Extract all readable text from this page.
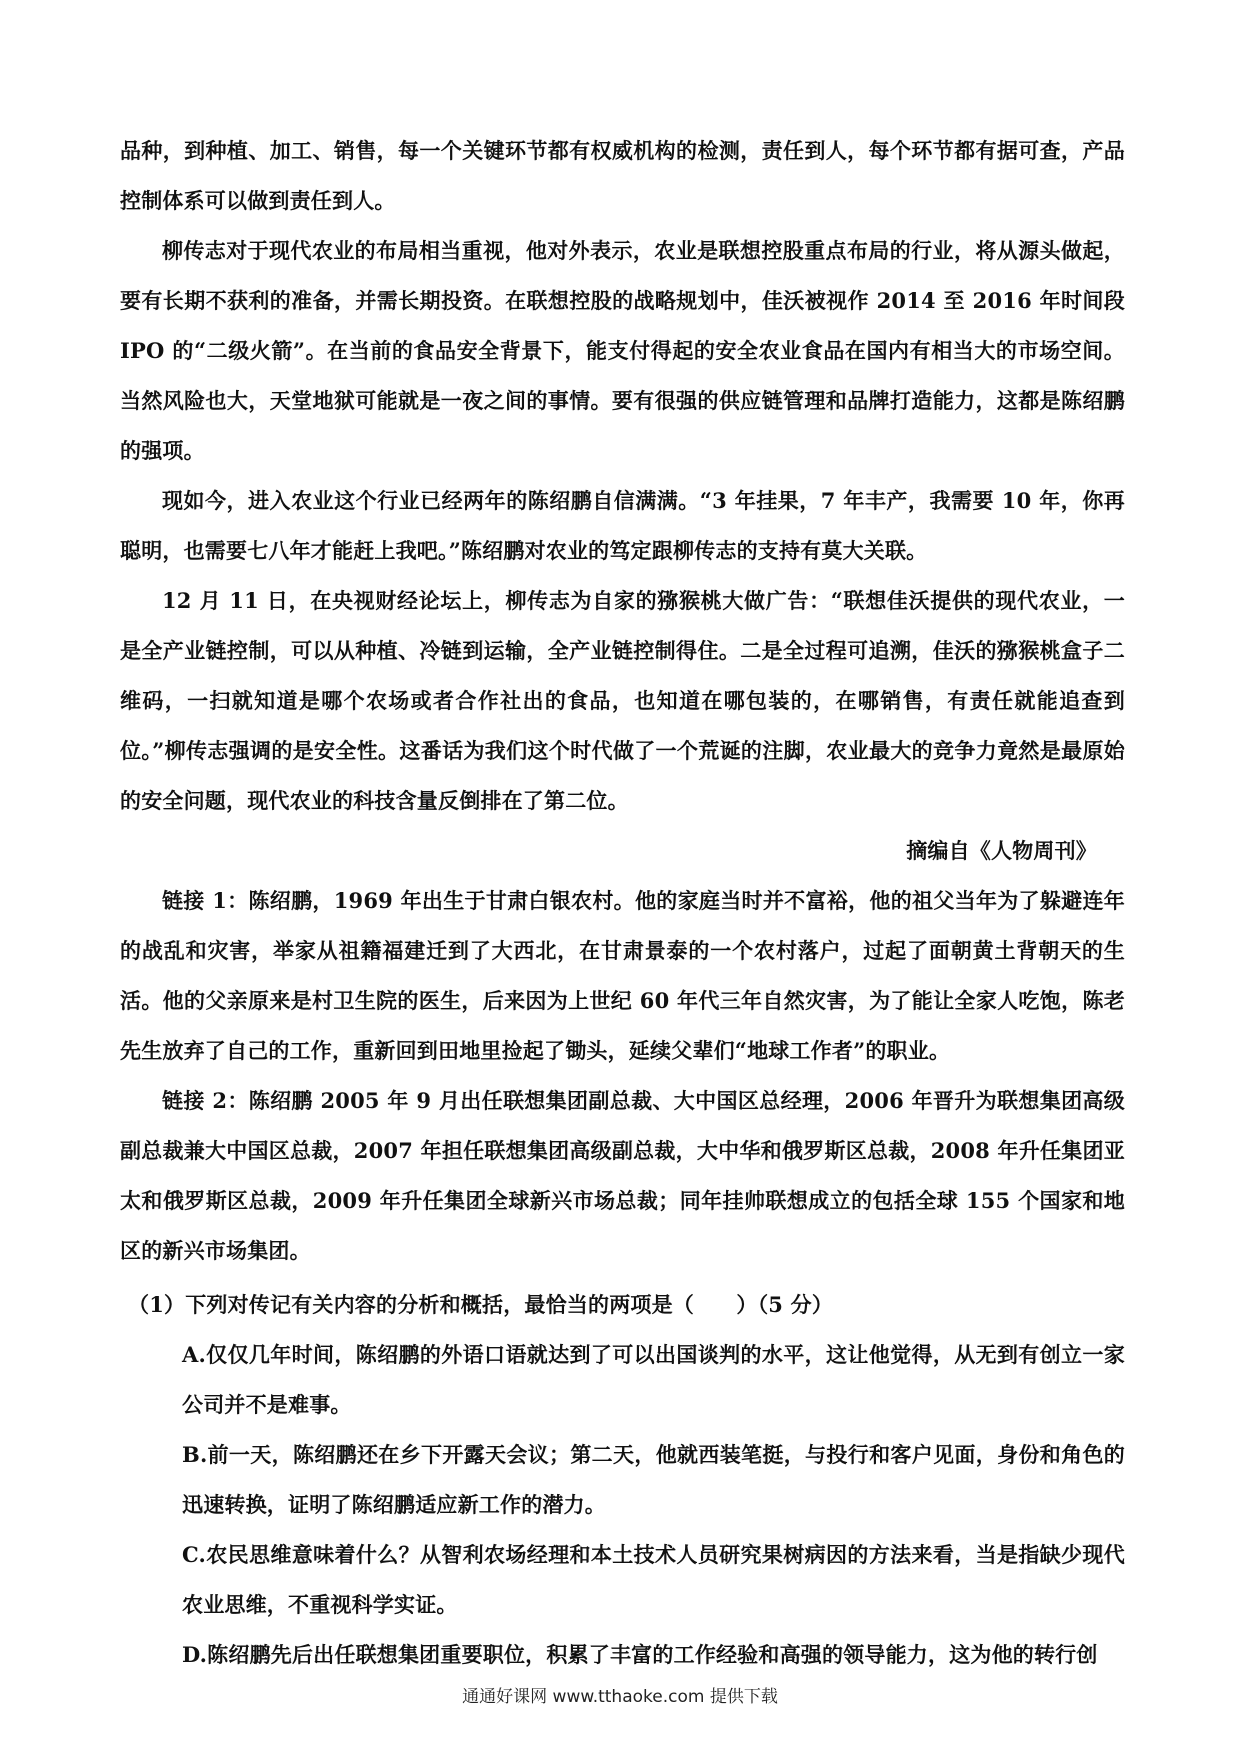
品种，到种植、加工、销售，每一个关键环节都有权威机构的检测，责任到人，每个环节都有据可查，产品控制体系可以做到责任到人。

柳传志对于现代农业的布局相当重视，他对外表示，农业是联想控股重点布局的行业，将从源头做起，要有长期不获利的准备，并需长期投资。在联想控股的战略规划中，佳沃被视作 2014 至 2016 年时间段 IPO 的“二级火箭”。在当前的食品安全背景下，能支付得起的安全农业食品在国内有相当大的市场空间。当然风险也大，天堂地狱可能就是一夜之间的事情。要有很强的供应链管理和品牌打造能力，这都是陈绍鹏的强项。

现如今，进入农业这个行业已经两年的陈绍鹏自信满满。“3 年挂果，7 年丰产，我需要 10 年，你再聪明，也需要七八年才能赶上我吧。”陈绍鹏对农业的笃定跟柳传志的支持有莫大关联。

12 月 11 日，在央视财经论坛上，柳传志为自家的猕猴桃大做广告：“联想佳沃提供的现代农业，一是全产业链控制，可以从种植、冷链到运输，全产业链控制得住。二是全过程可追溯，佳沃的猕猴桃盒子二维码，一扫就知道是哪个农场或者合作社出的食品，也知道在哪包装的，在哪销售，有责任就能追查到位。”柳传志强调的是安全性。这番话为我们这个时代做了一个荒诞的注脚，农业最大的竞争力竟然是最原始的安全问题，现代农业的科技含量反倒排在了第二位。

摘编自《人物周刊》

链接 1：陈绍鹏，1969 年出生于甘肃白银农村。他的家庭当时并不富裕，他的祖父当年为了躲避连年的战乱和灾害，举家从祖籍福建迁到了大西北，在甘肃景泰的一个农村落户，过起了面朝黄土背朝天的生活。他的父亲原来是村卫生院的医生，后来因为上世纪 60 年代三年自然灾害，为了能让全家人吃饱，陈老先生放弃了自己的工作，重新回到田地里捡起了锄头，延续父辈们“地球工作者”的职业。

链接 2：陈绍鹏 2005 年 9 月出任联想集团副总裁、大中国区总经理，2006 年晋升为联想集团高级副总裁兼大中国区总裁，2007 年担任联想集团高级副总裁，大中华和俄罗斯区总裁，2008 年升任集团亚太和俄罗斯区总裁，2009 年升任集团全球新兴市场总裁；同年挂帅联想成立的包括全球 155 个国家和地区的新兴市场集团。

（1）下列对传记有关内容的分析和概括，最恰当的两项是（　　）（5 分）

A.仅仅几年时间，陈绍鹏的外语口语就达到了可以出国谈判的水平，这让他觉得，从无到有创立一家公司并不是难事。

B.前一天，陈绍鹏还在乡下开露天会议；第二天，他就西装笔挺，与投行和客户见面，身份和角色的迅速转换，证明了陈绍鹏适应新工作的潜力。

C.农民思维意味着什么？从智利农场经理和本土技术人员研究果树病因的方法来看，当是指缺少现代农业思维，不重视科学实证。

D.陈绍鹏先后出任联想集团重要职位，积累了丰富的工作经验和高强的领导能力，这为他的转行创

通通好课网 www.tthaoke.com 提供下载
